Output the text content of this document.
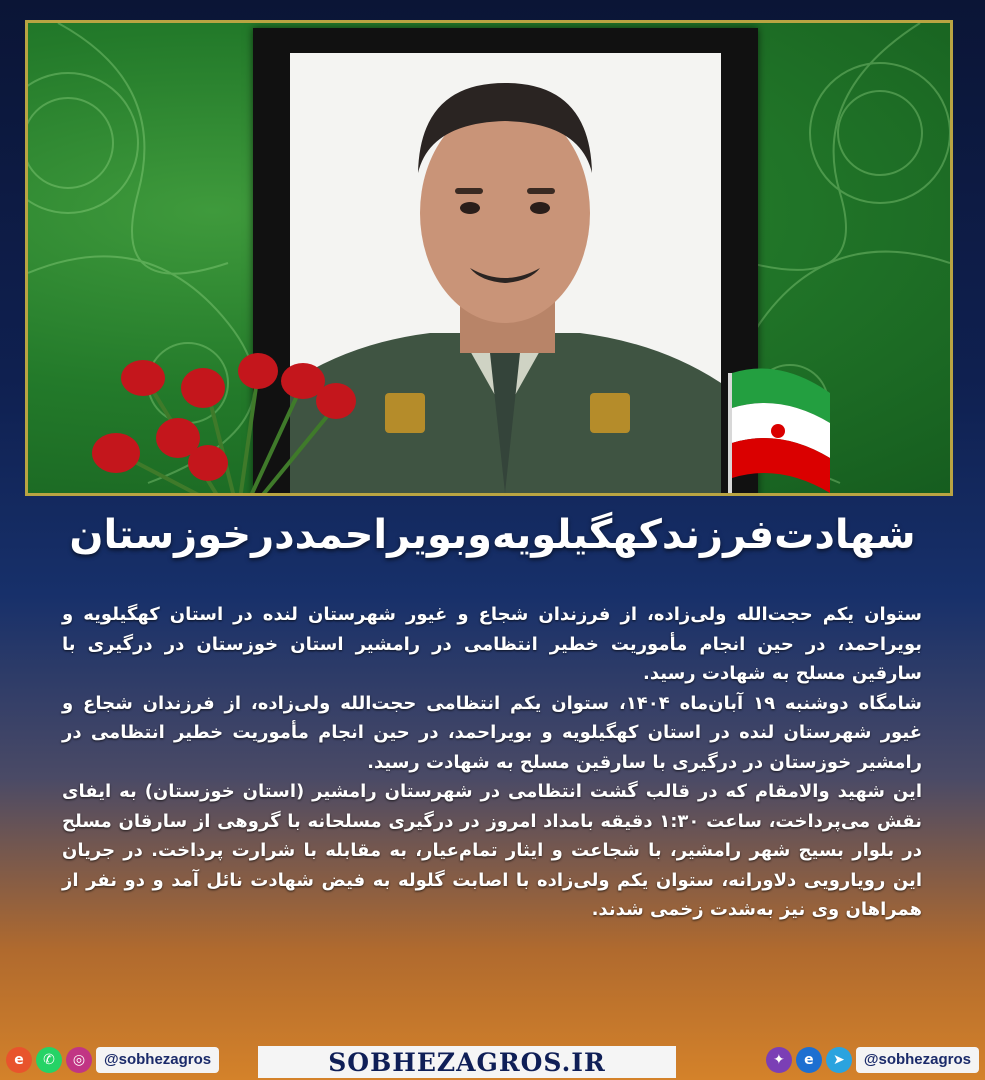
شهادت‌فرزندکهگیلویه‌وبویراحمددرخوزستان

ستوان یکم حجت‌الله ولی‌زاده، از فرزندان شجاع و غیور شهرستان لنده در استان کهگیلویه و بویراحمد، در حین انجام مأموریت خطیر انتظامی در رامشیر استان خوزستان در درگیری با سارقین مسلح به شهادت رسید.

شامگاه دوشنبه ۱۹ آبان‌ماه ۱۴۰۴، ستوان یکم انتظامی حجت‌الله ولی‌زاده، از فرزندان شجاع و غیور شهرستان لنده در استان کهگیلویه و بویراحمد، در حین انجام مأموریت خطیر انتظامی در رامشیر خوزستان در درگیری با سارقین مسلح به شهادت رسید.

این شهید والامقام که در قالب گشت انتظامی در شهرستان رامشیر (استان خوزستان) به ایفای نقش می‌پرداخت، ساعت ۱:۳۰ دقیقه بامداد امروز در درگیری مسلحانه با گروهی از سارقان مسلح در بلوار بسیج شهر رامشیر، با شجاعت و ایثار تمام‌عیار، به مقابله با شرارت پرداخت. در جریان این رویارویی دلاورانه، ستوان یکم ولی‌زاده با اصابت گلوله به فیض شهادت نائل آمد و دو نفر از همراهان وی نیز به‌شدت زخمی شدند.

e	✆	◎	@sobhezagros	SOBHEZAGROS.IR	✦	e	➤	@sobhezagros
